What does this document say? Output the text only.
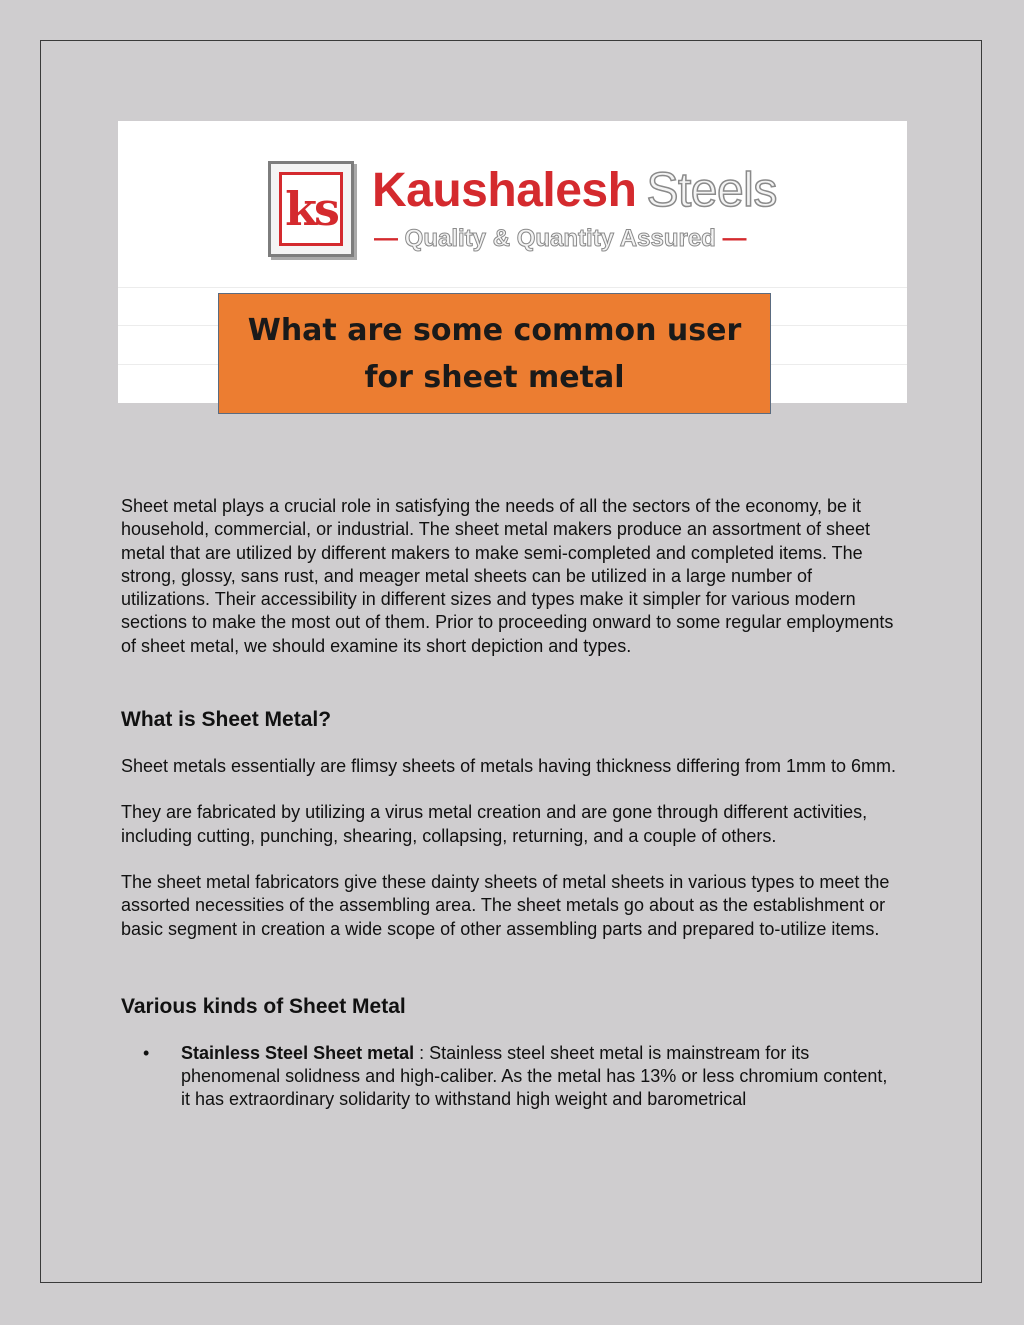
ks Kaushalesh Steels
— Quality & Quantity Assured —
What are some common user for sheet metal

Sheet metal plays a crucial role in satisfying the needs of all the sectors of the economy, be it household, commercial, or industrial. The sheet metal makers produce an assortment of sheet metal that are utilized by different makers to make semi-completed and completed items. The strong, glossy, sans rust, and meager metal sheets can be utilized in a large number of utilizations. Their accessibility in different sizes and types make it simpler for various modern sections to make the most out of them. Prior to proceeding onward to some regular employments of sheet metal, we should examine its short depiction and types.

What is Sheet Metal?

Sheet metals essentially are flimsy sheets of metals having thickness differing from 1mm to 6mm.

They are fabricated by utilizing a virus metal creation and are gone through different activities, including cutting, punching, shearing, collapsing, returning, and a couple of others.

The sheet metal fabricators give these dainty sheets of metal sheets in various types to meet the assorted necessities of the assembling area. The sheet metals go about as the establishment or basic segment in creation a wide scope of other assembling parts and prepared to-utilize items.

Various kinds of Sheet Metal
• Stainless Steel Sheet metal : Stainless steel sheet metal is mainstream for its phenomenal solidness and high-caliber. As the metal has 13% or less chromium content, it has extraordinary solidarity to withstand high weight and barometrical
